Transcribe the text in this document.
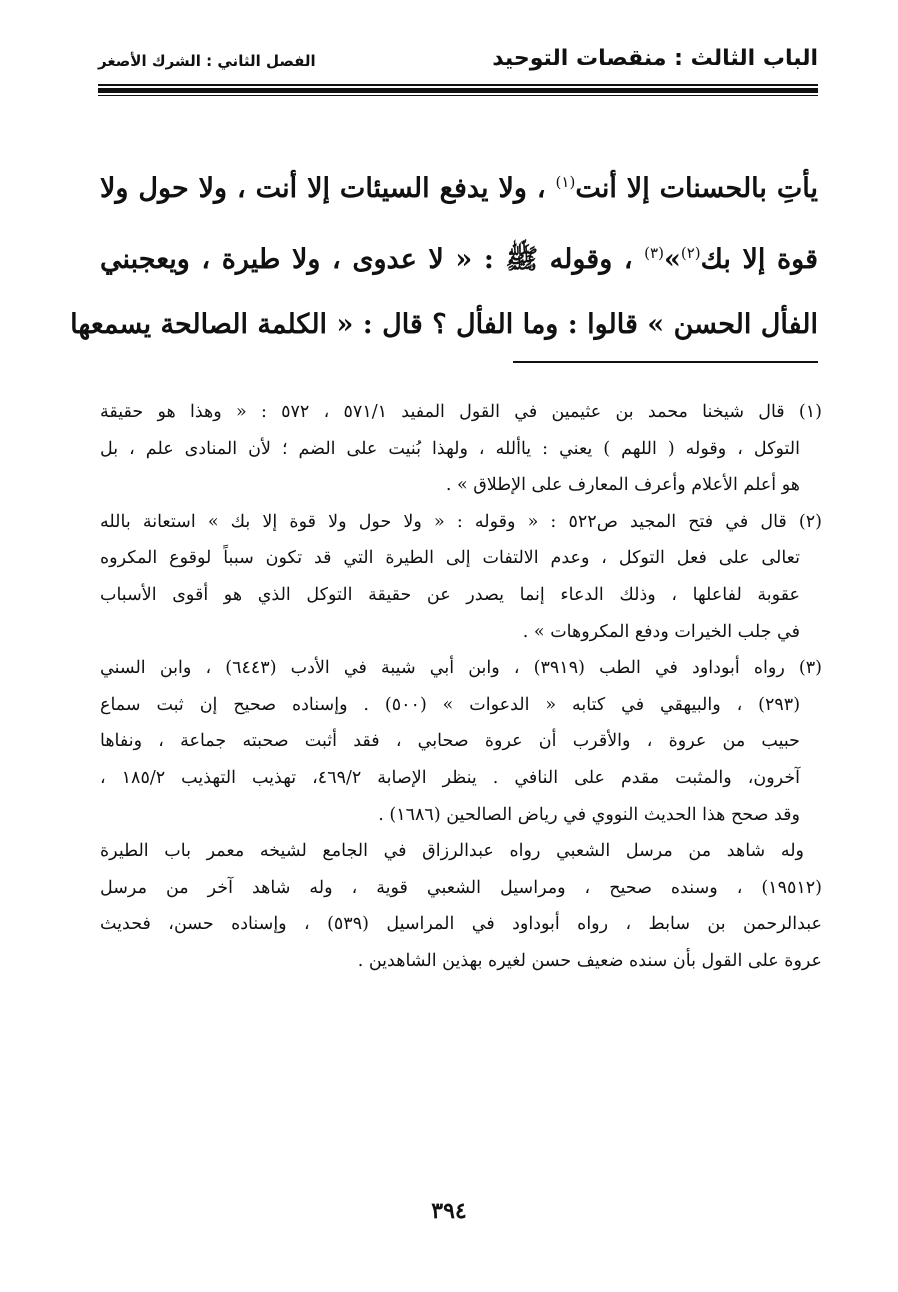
الباب الثالث : منقصات التوحيد
الفصل الثاني : الشرك الأصغر
يأتِ بالحسنات إلا أنت$^{(١)}$ ، ولا يدفع السيئات إلا أنت ، ولا حول ولا
قوة إلا بك$^{(٢)}$»$^{(٣)}$ ، وقوله ﷺ : « لا عدوى ، ولا طيرة ، ويعجبني
الفأل الحسن » قالوا : وما الفأل ؟ قال : « الكلمة الصالحة يسمعها
(١) قال شيخنا محمد بن عثيمين في القول المفيد ٥٧١/١ ، ٥٧٢ : « وهذا هو حقيقة
التوكل ، وقوله ( اللهم ) يعني : ياألله ، ولهذا بُنيت على الضم ؛ لأن المنادى علم ، بل
هو أعلم الأعلام وأعرف المعارف على الإطلاق » .
(٢) قال في فتح المجيد ص٥٢٢ : « وقوله : « ولا حول ولا قوة إلا بك » استعانة بالله
تعالى على فعل التوكل ، وعدم الالتفات إلى الطيرة التي قد تكون سبباً لوقوع المكروه
عقوبة لفاعلها ، وذلك الدعاء إنما يصدر عن حقيقة التوكل الذي هو أقوى الأسباب
في جلب الخيرات ودفع المكروهات » .
(٣) رواه أبوداود في الطب (٣٩١٩) ، وابن أبي شيبة في الأدب (٦٤٤٣) ، وابن السني
(٢٩٣) ، والبيهقي في كتابه « الدعوات » (٥٠٠) . وإسناده صحيح إن ثبت سماع
حبيب من عروة ، والأقرب أن عروة صحابي ، فقد أثبت صحبته جماعة ، ونفاها
آخرون، والمثبت مقدم على النافي . ينظر الإصابة ٤٦٩/٢، تهذيب التهذيب ١٨٥/٢ ،
وقد صحح هذا الحديث النووي في رياض الصالحين (١٦٨٦) .
وله شاهد من مرسل الشعبي رواه عبدالرزاق في الجامع لشيخه معمر باب الطيرة
(١٩٥١٢) ، وسنده صحيح ، ومراسيل الشعبي قوية ، وله شاهد آخر من مرسل
عبدالرحمن بن سابط ، رواه أبوداود في المراسيل (٥٣٩) ، وإسناده حسن، فحديث
عروة على القول بأن سنده ضعيف حسن لغيره بهذين الشاهدين .
٣٩٤
